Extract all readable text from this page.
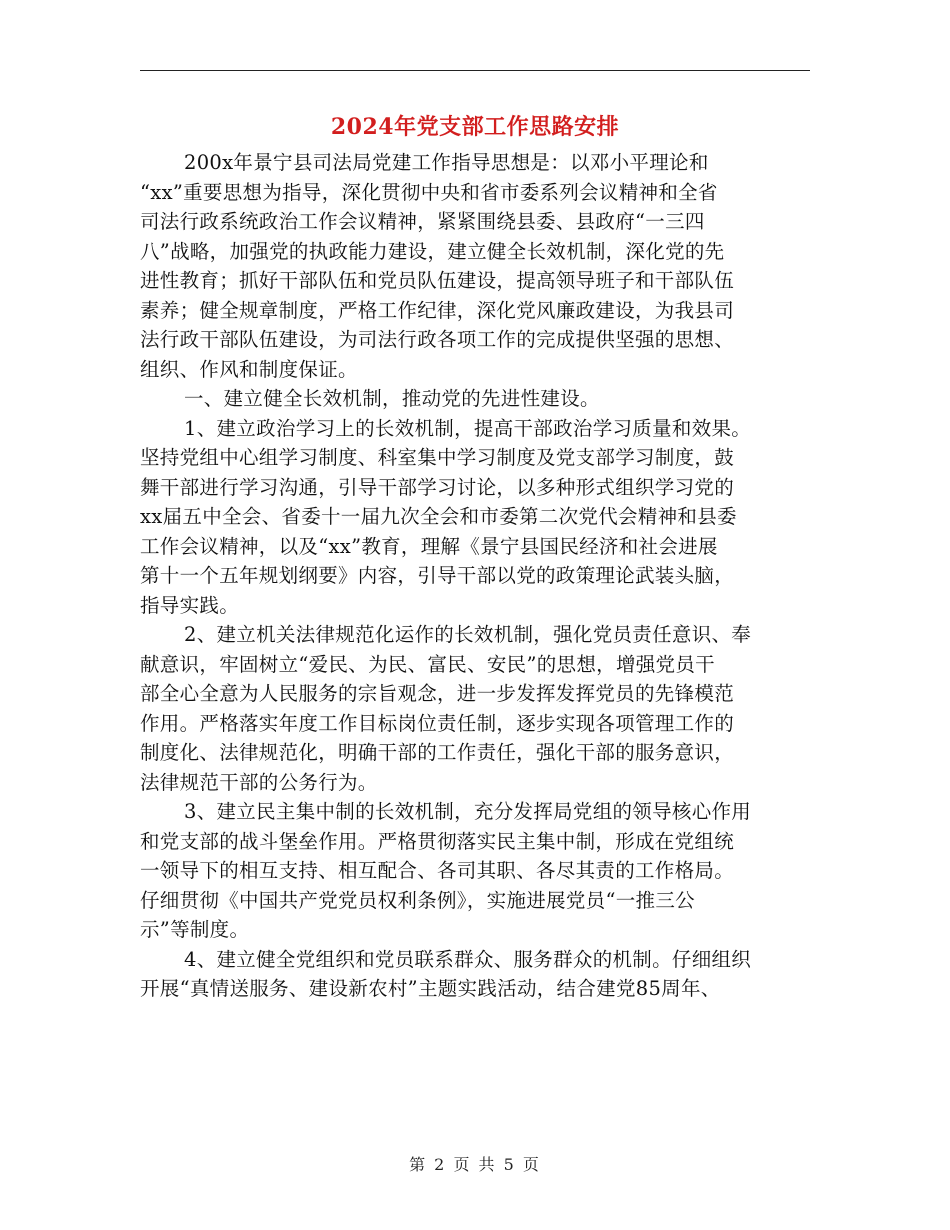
2024年党支部工作思路安排
200x年景宁县司法局党建工作指导思想是：以邓小平理论和
“xx”重要思想为指导，深化贯彻中央和省市委系列会议精神和全省
司法行政系统政治工作会议精神，紧紧围绕县委、县政府“一三四
八”战略，加强党的执政能力建设，建立健全长效机制，深化党的先
进性教育；抓好干部队伍和党员队伍建设，提高领导班子和干部队伍
素养；健全规章制度，严格工作纪律，深化党风廉政建设，为我县司
法行政干部队伍建设，为司法行政各项工作的完成提供坚强的思想、
组织、作风和制度保证。
一、建立健全长效机制，推动党的先进性建设。
1、建立政治学习上的长效机制，提高干部政治学习质量和效果。
坚持党组中心组学习制度、科室集中学习制度及党支部学习制度，鼓
舞干部进行学习沟通，引导干部学习讨论，以多种形式组织学习党的
xx届五中全会、省委十一届九次全会和市委第二次党代会精神和县委
工作会议精神，以及“xx”教育，理解《景宁县国民经济和社会进展
第十一个五年规划纲要》内容，引导干部以党的政策理论武装头脑，
指导实践。
2、建立机关法律规范化运作的长效机制，强化党员责任意识、奉
献意识，牢固树立“爱民、为民、富民、安民”的思想，增强党员干
部全心全意为人民服务的宗旨观念，进一步发挥发挥党员的先锋模范
作用。严格落实年度工作目标岗位责任制，逐步实现各项管理工作的
制度化、法律规范化，明确干部的工作责任，强化干部的服务意识，
法律规范干部的公务行为。
3、建立民主集中制的长效机制，充分发挥局党组的领导核心作用
和党支部的战斗堡垒作用。严格贯彻落实民主集中制，形成在党组统
一领导下的相互支持、相互配合、各司其职、各尽其责的工作格局。
仔细贯彻《中国共产党党员权利条例》，实施进展党员“一推三公
示”等制度。
4、建立健全党组织和党员联系群众、服务群众的机制。仔细组织
开展“真情送服务、建设新农村”主题实践活动，结合建党85周年、
第 2 页 共 5 页
